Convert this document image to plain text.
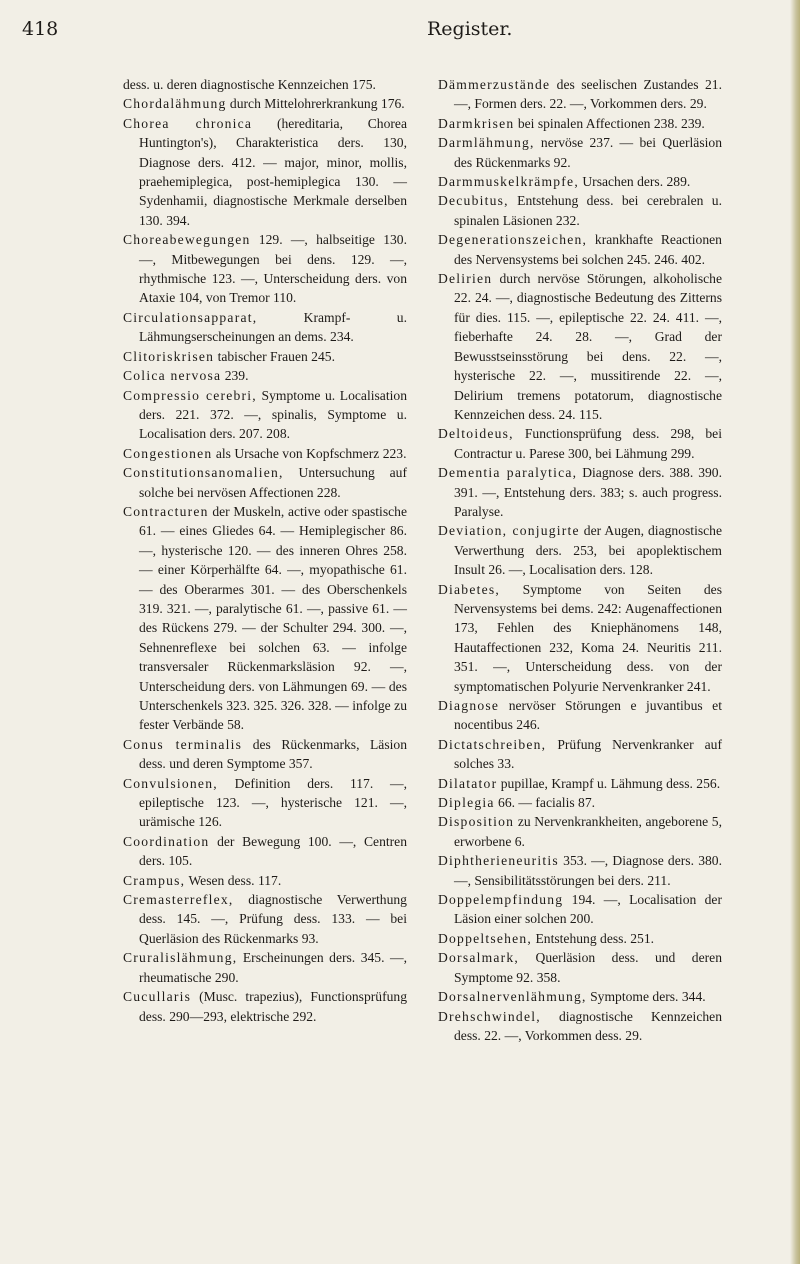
418	Register.

dess. u. deren diagnostische Kennzeichen 175.

Chordalähmung durch Mittelohrerkrankung 176.

Chorea chronica (hereditaria, Chorea Huntington's), Charakteristica ders. 130, Diagnose ders. 412. — major, minor, mollis, praehemiplegica, post-hemiplegica 130. — Sydenhamii, diagnostische Merkmale derselben 130. 394.

Choreabewegungen 129. —, halbseitige 130. —, Mitbewegungen bei dens. 129. —, rhythmische 123. —, Unterscheidung ders. von Ataxie 104, von Tremor 110.

Circulationsapparat,	Krampf- u. Lähmungserscheinungen an dems. 234.

Clitoriskrisen tabischer Frauen 245.

Colica nervosa 239.

Compressio cerebri, Symptome u. Localisation ders. 221. 372. —, spinalis, Symptome u. Localisation ders. 207. 208.

Congestionen als Ursache von Kopfschmerz 223.

Constitutionsanomalien, Untersuchung auf solche bei nervösen Affectionen 228.

Contracturen der Muskeln, active oder spastische 61. — eines Gliedes 64. — Hemiplegischer 86. —, hysterische 120. — des inneren Ohres 258. — einer Körperhälfte 64. —, myopathische 61. — des Oberarmes 301. — des Oberschenkels 319. 321. —, paralytische 61. —, passive 61. — des Rückens 279. — der Schulter 294. 300. —, Sehnenreflexe bei solchen 63. — infolge transversaler Rückenmarksläsion 92. —, Unterscheidung ders. von Lähmungen 69. — des Unterschenkels 323. 325. 326. 328. — infolge zu fester Verbände 58.

Conus terminalis des Rückenmarks, Läsion dess. und deren Symptome 357.

Convulsionen, Definition ders. 117. —, epileptische 123. —, hysterische 121. —, urämische 126.

Coordination der Bewegung 100. —, Centren ders. 105.

Crampus, Wesen dess. 117.

Cremasterreflex, diagnostische Verwerthung dess. 145. —, Prüfung dess. 133. — bei Querläsion des Rückenmarks 93.

Cruralislähmung, Erscheinungen ders. 345. —, rheumatische 290.

Cucullaris (Musc. trapezius), Functionsprüfung dess. 290—293, elektrische 292.

Dämmerzustände des seelischen Zustandes 21. —, Formen ders. 22. —, Vorkommen ders. 29.

Darmkrisen bei spinalen Affectionen 238. 239.

Darmlähmung, nervöse 237. — bei Querläsion des Rückenmarks 92.

Darmmuskelkrämpfe, Ursachen ders. 289.

Decubitus, Entstehung dess. bei cerebralen u. spinalen Läsionen 232.

Degenerationszeichen, krankhafte Reactionen des Nervensystems bei solchen 245. 246. 402.

Delirien durch nervöse Störungen, alkoholische 22. 24. —, diagnostische Bedeutung des Zitterns für dies. 115. —, epileptische 22. 24. 411. —, fieberhafte 24. 28. —, Grad der Bewusstseinsstörung bei dens. 22. —, hysterische 22. —, mussitirende 22. —, Delirium tremens potatorum, diagnostische Kennzeichen dess. 24. 115.

Deltoideus, Functionsprüfung dess. 298, bei Contractur u. Parese 300, bei Lähmung 299.

Dementia paralytica, Diagnose ders. 388. 390. 391. —, Entstehung ders. 383; s. auch progress. Paralyse.

Deviation, conjugirte der Augen, diagnostische Verwerthung ders. 253, bei apoplektischem Insult 26. —, Localisation ders. 128.

Diabetes, Symptome von Seiten des Nervensystems bei dems. 242: Augenaffectionen 173, Fehlen des Kniephänomens 148, Hautaffectionen 232, Koma 24. Neuritis 211. 351. —, Unterscheidung dess. von der symptomatischen Polyurie Nervenkranker 241.

Diagnose nervöser Störungen e juvantibus et nocentibus 246.

Dictatschreiben, Prüfung Nervenkranker auf solches 33.

Dilatator pupillae, Krampf u. Lähmung dess. 256.

Diplegia 66. — facialis 87.

Disposition zu Nervenkrankheiten, angeborene 5, erworbene 6.

Diphtherieneuritis 353. —, Diagnose ders. 380. —, Sensibilitätsstörungen bei ders. 211.

Doppelempfindung 194. —, Localisation der Läsion einer solchen 200.

Doppeltsehen, Entstehung dess. 251.

Dorsalmark, Querläsion dess. und deren Symptome 92. 358.

Dorsalnervenlähmung, Symptome ders. 344.

Drehschwindel, diagnostische Kennzeichen dess. 22. —, Vorkommen dess. 29.
